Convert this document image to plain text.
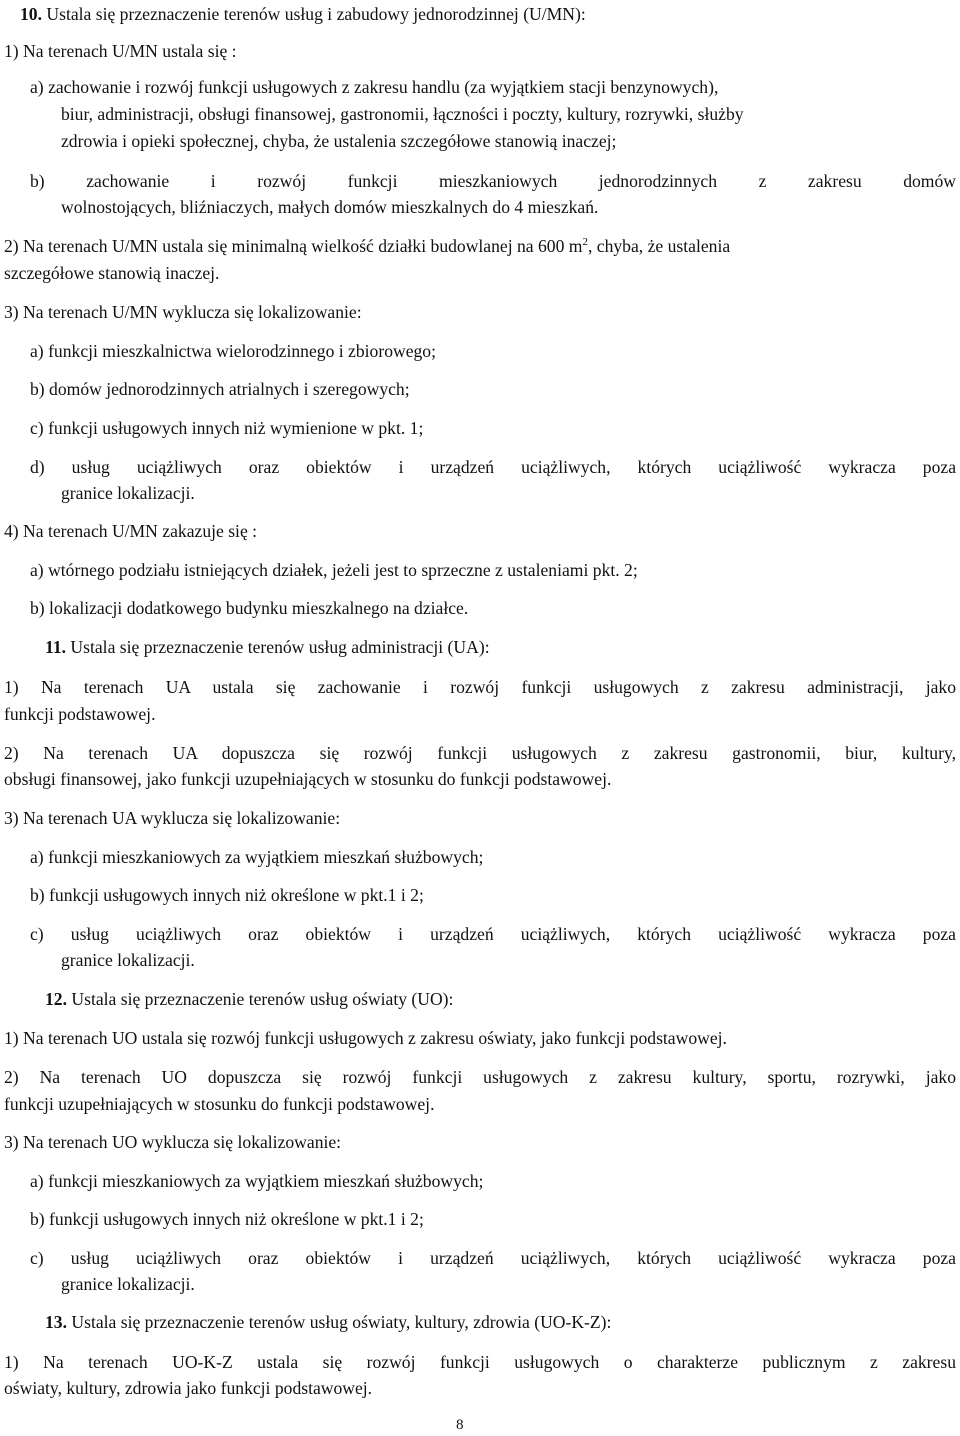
10. Ustala się przeznaczenie terenów usług i zabudowy jednorodzinnej (U/MN):
1) Na terenach U/MN ustala się :
a) zachowanie i rozwój funkcji usługowych z zakresu handlu (za wyjątkiem stacji benzynowych),
biur, administracji, obsługi finansowej, gastronomii, łączności i poczty, kultury, rozrywki, służby
zdrowia i opieki społecznej, chyba, że ustalenia szczegółowe stanowią inaczej;
b) zachowanie i rozwój funkcji mieszkaniowych jednorodzinnych z zakresu domów
wolnostojących, bliźniaczych, małych domów mieszkalnych do 4 mieszkań.
2) Na terenach U/MN ustala się minimalną wielkość działki budowlanej na 600 $m^2$, chyba, że ustalenia
szczegółowe stanowią inaczej.
3) Na terenach U/MN wyklucza się lokalizowanie:
a) funkcji mieszkalnictwa wielorodzinnego i zbiorowego;
b) domów jednorodzinnych atrialnych i szeregowych;
c) funkcji usługowych innych niż wymienione w pkt. 1;
d) usług uciążliwych oraz obiektów i urządzeń uciążliwych, których uciążliwość wykracza poza
granice lokalizacji.
4) Na terenach U/MN zakazuje się :
a) wtórnego podziału istniejących działek, jeżeli jest to sprzeczne z ustaleniami pkt. 2;
b) lokalizacji dodatkowego budynku mieszkalnego na działce.
11. Ustala się przeznaczenie terenów usług administracji (UA):
1) Na terenach UA ustala się zachowanie i rozwój funkcji usługowych z zakresu administracji, jako
funkcji podstawowej.
2) Na terenach UA dopuszcza się rozwój funkcji usługowych z zakresu gastronomii, biur, kultury,
obsługi finansowej, jako funkcji uzupełniających w stosunku do funkcji podstawowej.
3) Na terenach UA wyklucza się lokalizowanie:
a) funkcji mieszkaniowych za wyjątkiem mieszkań służbowych;
b) funkcji usługowych innych niż określone w pkt.1 i 2;
c) usług uciążliwych oraz obiektów i urządzeń uciążliwych, których uciążliwość wykracza poza
granice lokalizacji.
12. Ustala się przeznaczenie terenów usług oświaty (UO):
1) Na terenach UO ustala się rozwój funkcji usługowych z zakresu oświaty, jako funkcji podstawowej.
2) Na terenach UO dopuszcza się rozwój funkcji usługowych z zakresu kultury, sportu, rozrywki, jako
funkcji uzupełniających w stosunku do funkcji podstawowej.
3) Na terenach UO wyklucza się lokalizowanie:
a) funkcji mieszkaniowych za wyjątkiem mieszkań służbowych;
b) funkcji usługowych innych niż określone w pkt.1 i 2;
c) usług uciążliwych oraz obiektów i urządzeń uciążliwych, których uciążliwość wykracza poza
granice lokalizacji.
13. Ustala się przeznaczenie terenów usług oświaty, kultury, zdrowia (UO-K-Z):
1) Na terenach UO-K-Z ustala się rozwój funkcji usługowych o charakterze publicznym z zakresu
oświaty, kultury, zdrowia jako funkcji podstawowej.
8
